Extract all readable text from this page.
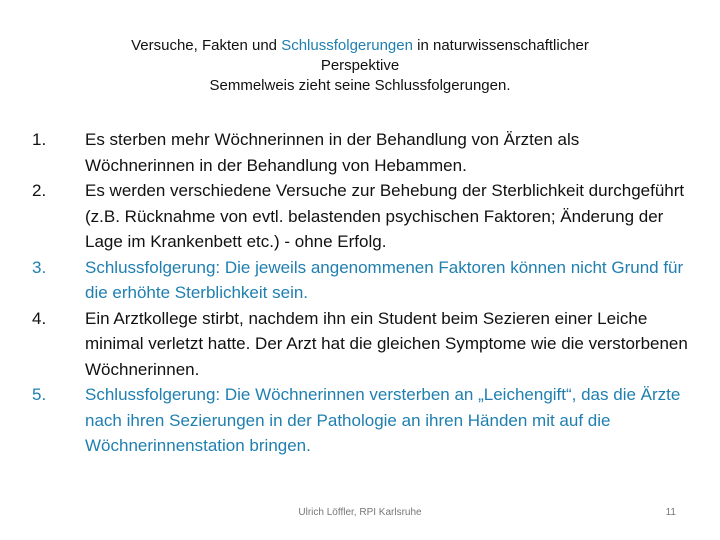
Versuche, Fakten und Schlussfolgerungen in naturwissenschaftlicher
Perspektive
Semmelweis zieht seine Schlussfolgerungen.
1.	Es sterben mehr Wöchnerinnen in der Behandlung von Ärzten als Wöchnerinnen in der Behandlung von Hebammen.
2.	Es werden verschiedene Versuche zur Behebung der Sterblichkeit durchgeführt (z.B. Rücknahme von evtl. belastenden psychischen Faktoren; Änderung der Lage im Krankenbett etc.) - ohne Erfolg.
3.	Schlussfolgerung: Die jeweils angenommenen Faktoren können nicht Grund für die erhöhte Sterblichkeit sein.
4.	Ein Arztkollege stirbt, nachdem ihn ein Student beim Sezieren einer Leiche minimal verletzt hatte. Der Arzt hat die gleichen Symptome wie die verstorbenen Wöchnerinnen.
5.	Schlussfolgerung: Die Wöchnerinnen versterben an „Leichengift“, das die Ärzte nach ihren Sezierungen in der Pathologie an ihren Händen mit auf die Wöchnerinnenstation bringen.
Ulrich Löffler, RPI Karlsruhe	11
